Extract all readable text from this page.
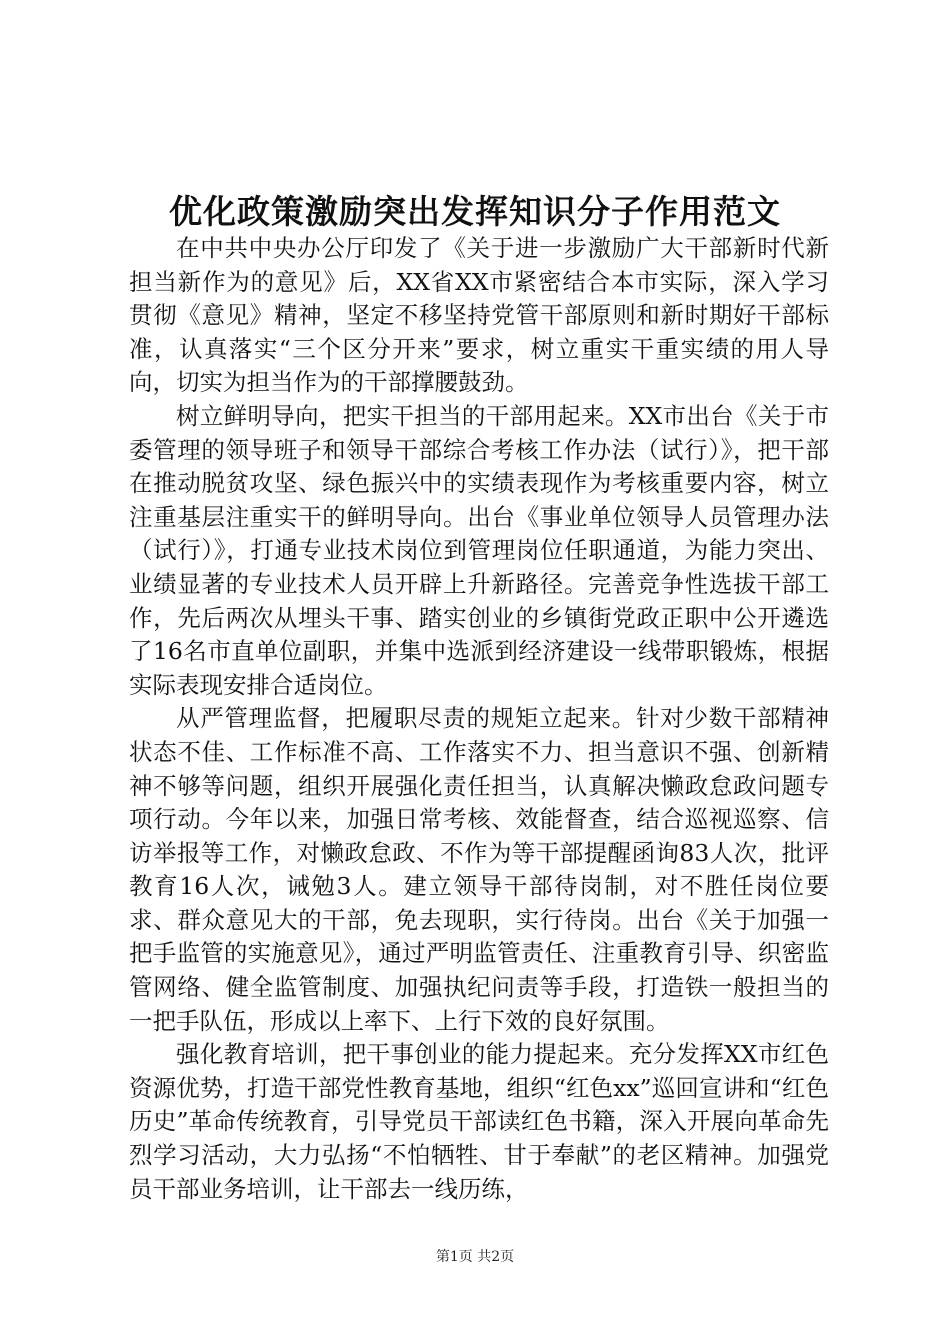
优化政策激励突出发挥知识分子作用范文

在中共中央办公厅印发了《关于进一步激励广大干部新时代新担当新作为的意见》后，XX省XX市紧密结合本市实际，深入学习贯彻《意见》精神，坚定不移坚持党管干部原则和新时期好干部标准，认真落实“三个区分开来”要求，树立重实干重实绩的用人导向，切实为担当作为的干部撑腰鼓劲。

树立鲜明导向，把实干担当的干部用起来。XX市出台《关于市委管理的领导班子和领导干部综合考核工作办法（试行）》，把干部在推动脱贫攻坚、绿色振兴中的实绩表现作为考核重要内容，树立注重基层注重实干的鲜明导向。出台《事业单位领导人员管理办法（试行）》，打通专业技术岗位到管理岗位任职通道，为能力突出、业绩显著的专业技术人员开辟上升新路径。完善竞争性选拔干部工作，先后两次从埋头干事、踏实创业的乡镇街党政正职中公开遴选了16名市直单位副职，并集中选派到经济建设一线带职锻炼，根据实际表现安排合适岗位。

从严管理监督，把履职尽责的规矩立起来。针对少数干部精神状态不佳、工作标准不高、工作落实不力、担当意识不强、创新精神不够等问题，组织开展强化责任担当，认真解决懒政怠政问题专项行动。今年以来，加强日常考核、效能督查，结合巡视巡察、信访举报等工作，对懒政怠政、不作为等干部提醒函询83人次，批评教育16人次，诫勉3人。建立领导干部待岗制，对不胜任岗位要求、群众意见大的干部，免去现职，实行待岗。出台《关于加强一把手监管的实施意见》，通过严明监管责任、注重教育引导、织密监管网络、健全监管制度、加强执纪问责等手段，打造铁一般担当的一把手队伍，形成以上率下、上行下效的良好氛围。

强化教育培训，把干事创业的能力提起来。充分发挥XX市红色资源优势，打造干部党性教育基地，组织“红色xx”巡回宣讲和“红色历史”革命传统教育，引导党员干部读红色书籍，深入开展向革命先烈学习活动，大力弘扬“不怕牺牲、甘于奉献”的老区精神。加强党员干部业务培训，让干部去一线历练，

第1页 共2页
